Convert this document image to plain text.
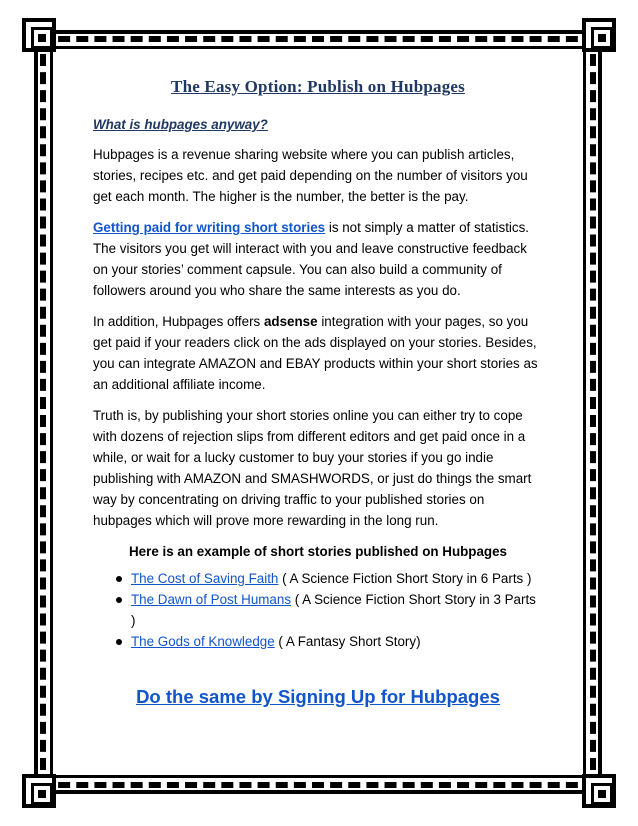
The Easy Option: Publish on Hubpages
What is hubpages anyway?

Hubpages is a revenue sharing website where you can publish articles, stories, recipes etc. and get paid depending on the number of visitors you get each month. The higher is the number, the better is the pay.

Getting paid for writing short stories is not simply a matter of statistics. The visitors you get will interact with you and leave constructive feedback on your stories’ comment capsule. You can also build a community of followers around you who share the same interests as you do.

In addition, Hubpages offers adsense integration with your pages, so you get paid if your readers click on the ads displayed on your stories. Besides, you can integrate AMAZON and EBAY products within your short stories as an additional affiliate income.

Truth is, by publishing your short stories online you can either try to cope with dozens of rejection slips from different editors and get paid once in a while, or wait for a lucky customer to buy your stories if you go indie publishing with AMAZON and SMASHWORDS, or just do things the smart way by concentrating on driving traffic to your published stories on hubpages which will prove more rewarding in the long run.

Here is an example of short stories published on Hubpages
The Cost of Saving Faith ( A Science Fiction Short Story in 6 Parts )
The Dawn of Post Humans ( A Science Fiction Short Story in 3 Parts )
The Gods of Knowledge ( A Fantasy Short Story)
Do the same by Signing Up for Hubpages
